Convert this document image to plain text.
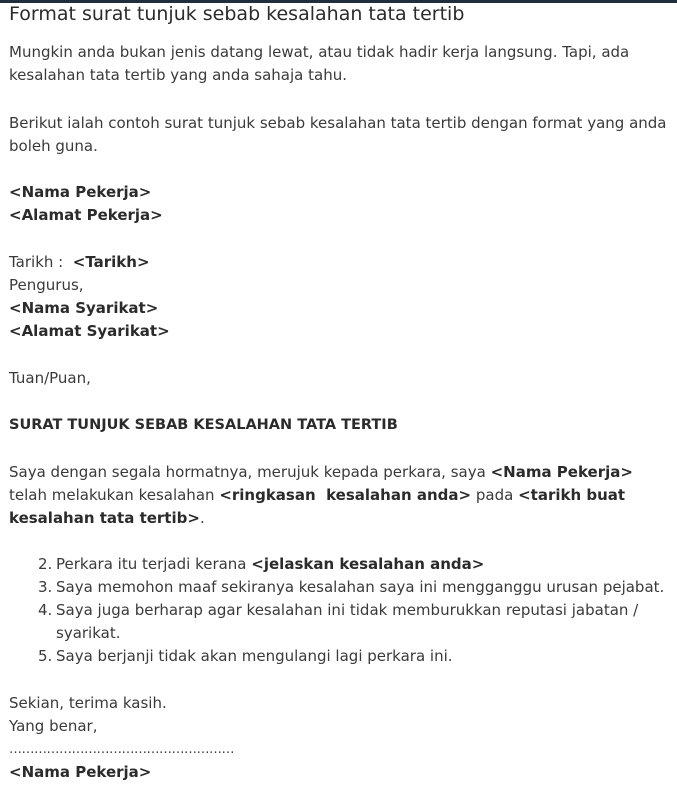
Format surat tunjuk sebab kesalahan tata tertib

Mungkin anda bukan jenis datang lewat, atau tidak hadir kerja langsung. Tapi, ada kesalahan tata tertib yang anda sahaja tahu.

Berikut ialah contoh surat tunjuk sebab kesalahan tata tertib dengan format yang anda boleh guna.

<Nama Pekerja>
<Alamat Pekerja>
Tarikh : <Tarikh>
Pengurus,
<Nama Syarikat>
<Alamat Syarikat>
Tuan/Puan,
SURAT TUNJUK SEBAB KESALAHAN TATA TERTIB

Saya dengan segala hormatnya, merujuk kepada perkara, saya <Nama Pekerja> telah melakukan kesalahan <ringkasan  kesalahan anda> pada <tarikh buat kesalahan tata tertib>.

2. Perkara itu terjadi kerana <jelaskan kesalahan anda>
3. Saya memohon maaf sekiranya kesalahan saya ini mengganggu urusan pejabat.
4. Saya juga berharap agar kesalahan ini tidak memburukkan reputasi jabatan / syarikat.
5. Saya berjanji tidak akan mengulangi lagi perkara ini.
Sekian, terima kasih.
Yang benar,
………………………………………………
<Nama Pekerja>
